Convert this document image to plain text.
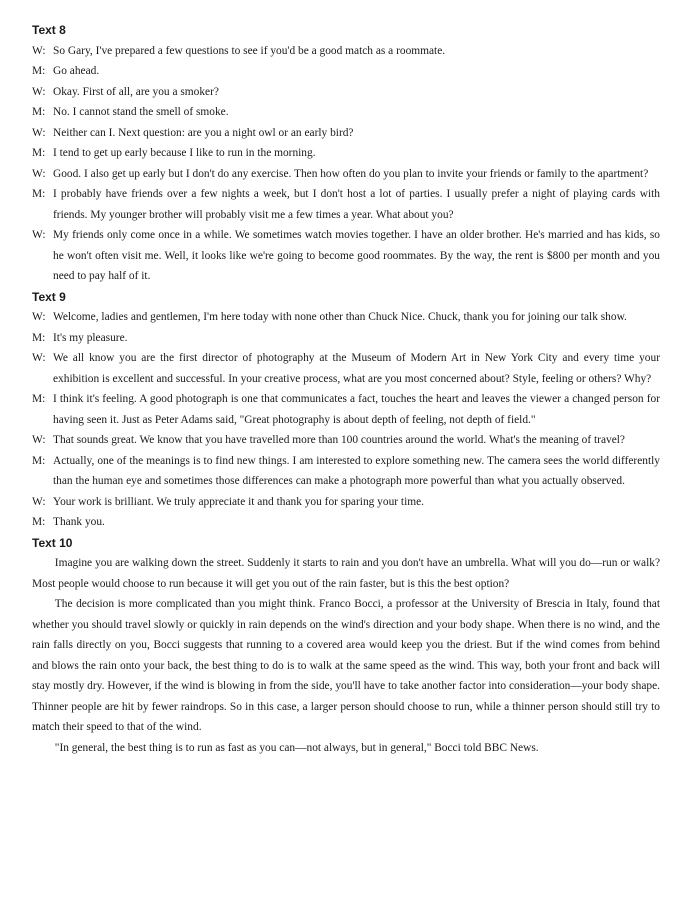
Text 8
W: So Gary, I've prepared a few questions to see if you'd be a good match as a roommate.
M: Go ahead.
W: Okay. First of all, are you a smoker?
M: No. I cannot stand the smell of smoke.
W: Neither can I. Next question: are you a night owl or an early bird?
M: I tend to get up early because I like to run in the morning.
W: Good. I also get up early but I don't do any exercise. Then how often do you plan to invite your friends or family to the apartment?
M: I probably have friends over a few nights a week, but I don't host a lot of parties. I usually prefer a night of playing cards with friends. My younger brother will probably visit me a few times a year. What about you?
W: My friends only come once in a while. We sometimes watch movies together. I have an older brother. He's married and has kids, so he won't often visit me. Well, it looks like we're going to become good roommates. By the way, the rent is $800 per month and you need to pay half of it.
Text 9
W: Welcome, ladies and gentlemen, I'm here today with none other than Chuck Nice. Chuck, thank you for joining our talk show.
M: It's my pleasure.
W: We all know you are the first director of photography at the Museum of Modern Art in New York City and every time your exhibition is excellent and successful. In your creative process, what are you most concerned about? Style, feeling or others? Why?
M: I think it's feeling. A good photograph is one that communicates a fact, touches the heart and leaves the viewer a changed person for having seen it. Just as Peter Adams said, "Great photography is about depth of feeling, not depth of field."
W: That sounds great. We know that you have travelled more than 100 countries around the world. What's the meaning of travel?
M: Actually, one of the meanings is to find new things. I am interested to explore something new. The camera sees the world differently than the human eye and sometimes those differences can make a photograph more powerful than what you actually observed.
W: Your work is brilliant. We truly appreciate it and thank you for sparing your time.
M: Thank you.
Text 10

Imagine you are walking down the street. Suddenly it starts to rain and you don't have an umbrella. What will you do—run or walk? Most people would choose to run because it will get you out of the rain faster, but is this the best option?

The decision is more complicated than you might think. Franco Bocci, a professor at the University of Brescia in Italy, found that whether you should travel slowly or quickly in rain depends on the wind's direction and your body shape. When there is no wind, and the rain falls directly on you, Bocci suggests that running to a covered area would keep you the driest. But if the wind comes from behind and blows the rain onto your back, the best thing to do is to walk at the same speed as the wind. This way, both your front and back will stay mostly dry. However, if the wind is blowing in from the side, you'll have to take another factor into consideration—your body shape. Thinner people are hit by fewer raindrops. So in this case, a larger person should choose to run, while a thinner person should still try to match their speed to that of the wind.

"In general, the best thing is to run as fast as you can—not always, but in general," Bocci told BBC News.
